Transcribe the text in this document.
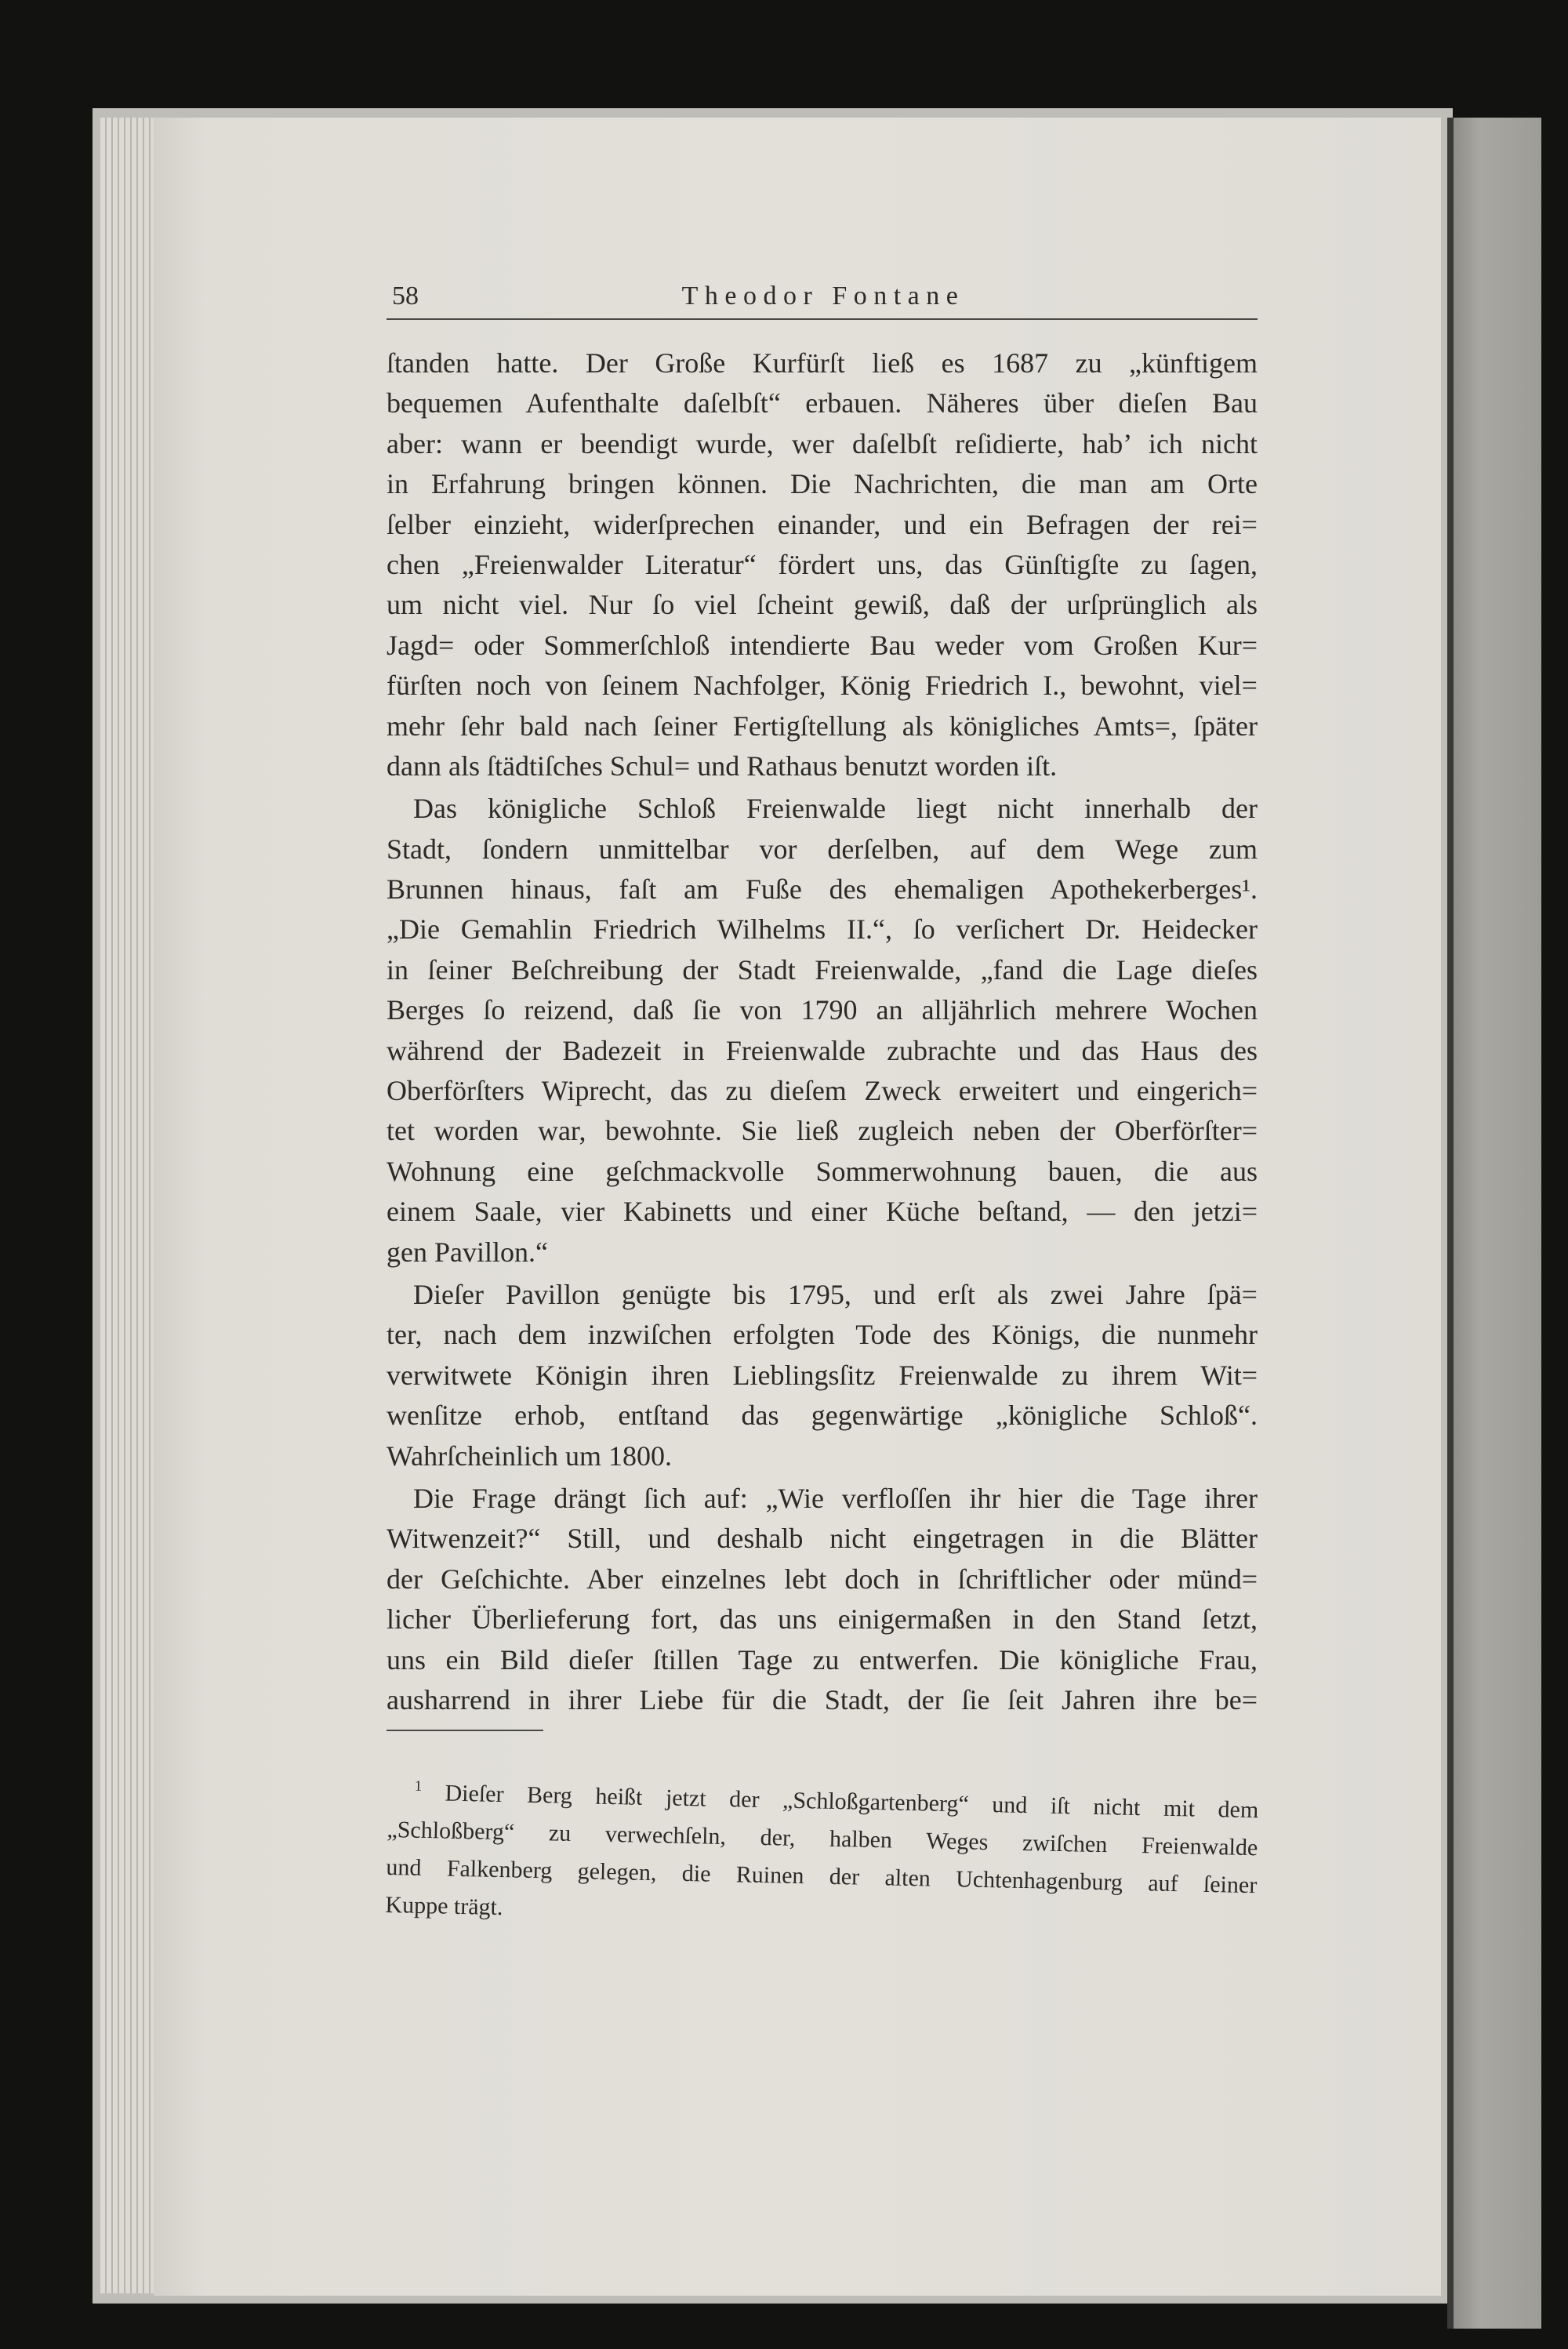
58	Theodor Fontane
ſtanden hatte. Der Große Kurfürſt ließ es 1687 zu „künftigem
bequemen Aufenthalte daſelbſt“ erbauen. Näheres über dieſen Bau
aber: wann er beendigt wurde, wer daſelbſt reſidierte, hab’ ich nicht
in Erfahrung bringen können. Die Nachrichten, die man am Orte
ſelber einzieht, widerſprechen einander, und ein Befragen der rei=
chen „Freienwalder Literatur“ fördert uns, das Günſtigſte zu ſagen,
um nicht viel. Nur ſo viel ſcheint gewiß, daß der urſprünglich als
Jagd= oder Sommerſchloß intendierte Bau weder vom Großen Kur=
fürſten noch von ſeinem Nachfolger, König Friedrich I., bewohnt, viel=
mehr ſehr bald nach ſeiner Fertigſtellung als königliches Amts=, ſpäter
dann als ſtädtiſches Schul= und Rathaus benutzt worden iſt.
Das königliche Schloß Freienwalde liegt nicht innerhalb der
Stadt, ſondern unmittelbar vor derſelben, auf dem Wege zum
Brunnen hinaus, faſt am Fuße des ehemaligen Apothekerberges¹.
„Die Gemahlin Friedrich Wilhelms II.“, ſo verſichert Dr. Heidecker
in ſeiner Beſchreibung der Stadt Freienwalde, „fand die Lage dieſes
Berges ſo reizend, daß ſie von 1790 an alljährlich mehrere Wochen
während der Badezeit in Freienwalde zubrachte und das Haus des
Oberförſters Wiprecht, das zu dieſem Zweck erweitert und eingerich=
tet worden war, bewohnte. Sie ließ zugleich neben der Oberförſter=
Wohnung eine geſchmackvolle Sommerwohnung bauen, die aus
einem Saale, vier Kabinetts und einer Küche beſtand, — den jetzi=
gen Pavillon.“
Dieſer Pavillon genügte bis 1795, und erſt als zwei Jahre ſpä=
ter, nach dem inzwiſchen erfolgten Tode des Königs, die nunmehr
verwitwete Königin ihren Lieblingsſitz Freienwalde zu ihrem Wit=
wenſitze erhob, entſtand das gegenwärtige „königliche Schloß“.
Wahrſcheinlich um 1800.
Die Frage drängt ſich auf: „Wie verfloſſen ihr hier die Tage ihrer
Witwenzeit?“ Still, und deshalb nicht eingetragen in die Blätter
der Geſchichte. Aber einzelnes lebt doch in ſchriftlicher oder münd=
licher Überlieferung fort, das uns einigermaßen in den Stand ſetzt,
uns ein Bild dieſer ſtillen Tage zu entwerfen. Die königliche Frau,
ausharrend in ihrer Liebe für die Stadt, der ſie ſeit Jahren ihre be=
$^1$ Dieſer Berg heißt jetzt der „Schloßgartenberg“ und iſt nicht mit dem
„Schloßberg“ zu verwechſeln, der, halben Weges zwiſchen Freienwalde
und Falkenberg gelegen, die Ruinen der alten Uchtenhagenburg auf ſeiner
Kuppe trägt.
